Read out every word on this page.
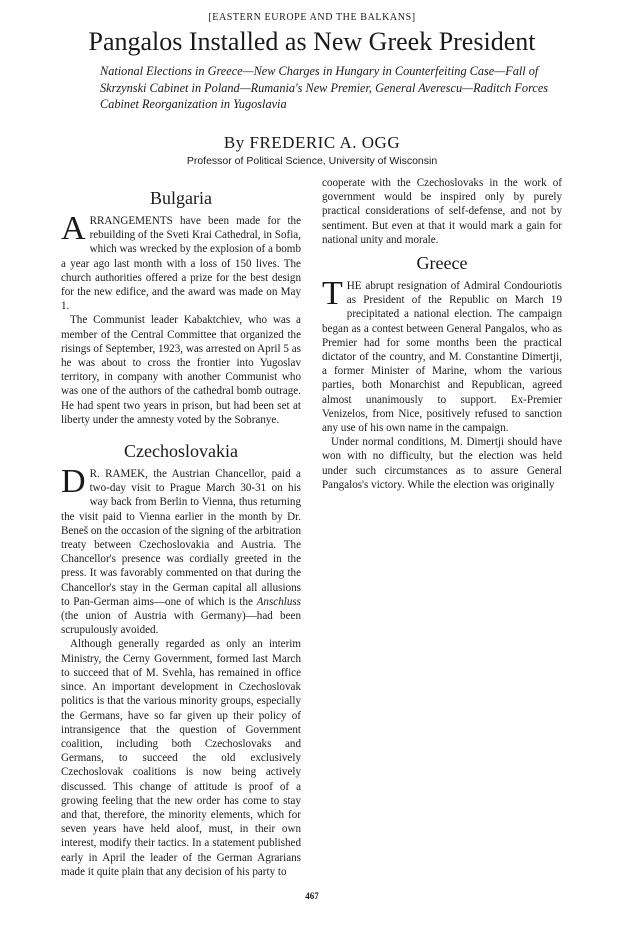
[EASTERN EUROPE AND THE BALKANS]
Pangalos Installed as New Greek President
National Elections in Greece—New Charges in Hungary in Counterfeiting Case—Fall of Skrzynski Cabinet in Poland—Rumania's New Premier, General Averescu—Raditch Forces Cabinet Reorganization in Yugoslavia
By FREDERIC A. OGG
Professor of Political Science, University of Wisconsin
Bulgaria

ARRANGEMENTS have been made for the rebuilding of the Sveti Krai Cathedral, in Sofia, which was wrecked by the explosion of a bomb a year ago last month with a loss of 150 lives. The church authorities offered a prize for the best design for the new edifice, and the award was made on May 1.

The Communist leader Kabaktchiev, who was a member of the Central Committee that organized the risings of September, 1923, was arrested on April 5 as he was about to cross the frontier into Yugoslav territory, in company with another Communist who was one of the authors of the cathedral bomb outrage. He had spent two years in prison, but had been set at liberty under the amnesty voted by the Sobranye.

Czechoslovakia

D R. RAMEK, the Austrian Chancellor, paid a two-day visit to Prague March 30-31 on his way back from Berlin to Vienna, thus returning the visit paid to Vienna earlier in the month by Dr. Beneš on the occasion of the signing of the arbitration treaty between Czechoslovakia and Austria. The Chancellor's presence was cordially greeted in the press. It was favorably commented on that during the Chancellor's stay in the German capital all allusions to Pan-German aims—one of which is the Anschluss (the union of Austria with Germany)—had been scrupulously avoided.

Although generally regarded as only an interim Ministry, the Cerny Government, formed last March to succeed that of M. Svehla, has remained in office since. An important development in Czechoslovak politics is that the various minority groups, especially the Germans, have so far given up their policy of intransigence that the question of Government coalition, including both Czechoslovaks and Germans, to succeed the old exclusively Czechoslovak coalitions is now being actively discussed. This change of attitude is proof of a growing feeling that the new order has come to stay and that, therefore, the minority elements, which for seven years have held aloof, must, in their own interest, modify their tactics. In a statement published early in April the leader of the German Agrarians made it quite plain that any decision of his party to

cooperate with the Czechoslovaks in the work of government would be inspired only by purely practical considerations of self-defense, and not by sentiment. But even at that it would mark a gain for national unity and morale.

Greece

THE abrupt resignation of Admiral Condouriotis as President of the Republic on March 19 precipitated a national election. The campaign began as a contest between General Pangalos, who as Premier had for some months been the practical dictator of the country, and M. Constantine Dimertji, a former Minister of Marine, whom the various parties, both Monarchist and Republican, agreed almost unanimously to support. Ex-Premier Venizelos, from Nice, positively refused to sanction any use of his own name in the campaign.

Under normal conditions, M. Dimertji should have won with no difficulty, but the election was held under such circumstances as to assure General Pangalos's victory. While the election was originally

467
